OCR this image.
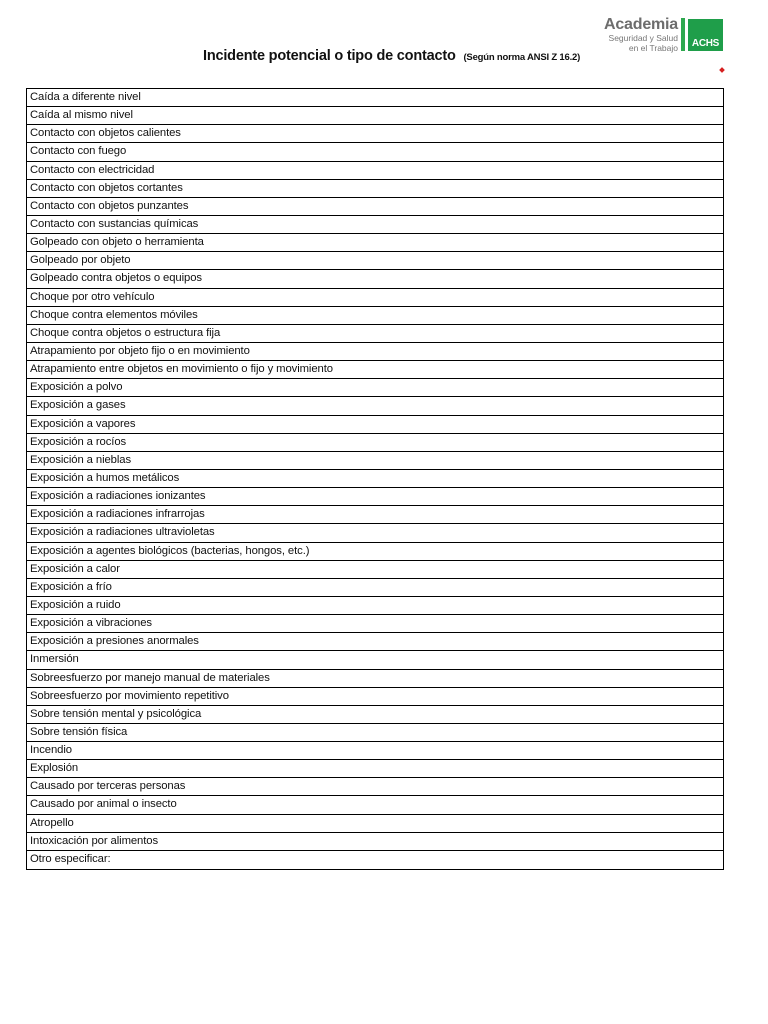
Incidente potencial o tipo de contacto (Según norma ANSI Z 16.2)
Academia
Seguridad y Salud
en el Trabajo	ACHS
Caída a diferente nivel
Caída al mismo nivel
Contacto con objetos calientes
Contacto con fuego
Contacto con electricidad
Contacto con objetos cortantes
Contacto con objetos punzantes
Contacto con sustancias químicas
Golpeado con objeto o herramienta
Golpeado por objeto
Golpeado contra objetos o equipos
Choque por otro vehículo
Choque contra elementos móviles
Choque contra objetos o estructura fija
Atrapamiento por objeto fijo o en movimiento
Atrapamiento entre objetos en movimiento o fijo y movimiento
Exposición a polvo
Exposición a gases
Exposición a vapores
Exposición a rocíos
Exposición a nieblas
Exposición a humos metálicos
Exposición a radiaciones ionizantes
Exposición a radiaciones infrarrojas
Exposición a radiaciones ultravioletas
Exposición a agentes biológicos (bacterias, hongos, etc.)
Exposición a calor
Exposición a frío
Exposición a ruido
Exposición a vibraciones
Exposición a presiones anormales
Inmersión
Sobreesfuerzo por manejo manual de materiales
Sobreesfuerzo por movimiento repetitivo
Sobre tensión mental y psicológica
Sobre tensión física
Incendio
Explosión
Causado por terceras personas
Causado por animal o insecto
Atropello
Intoxicación por alimentos
Otro especificar:
